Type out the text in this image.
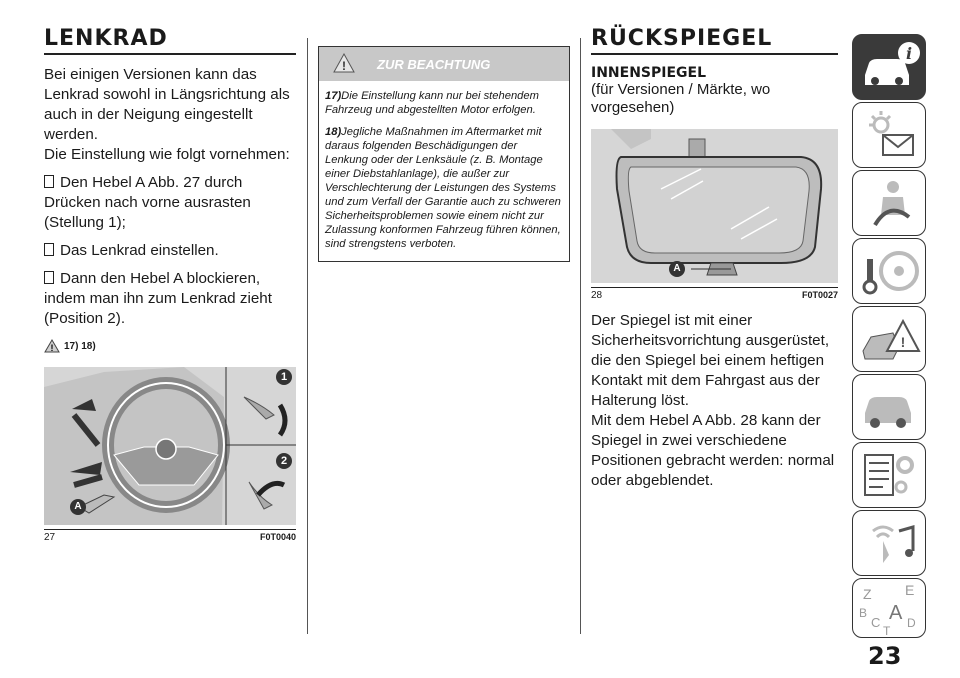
LENKRAD

Bei einigen Versionen kann das Lenkrad sowohl in Längsrichtung als auch in der Neigung eingestellt werden.

Die Einstellung wie folgt vornehmen:

Den Hebel A Abb. 27 durch Drücken nach vorne ausrasten (Stellung 1);

Das Lenkrad einstellen.

Dann den Hebel A blockieren, indem man ihn zum Lenkrad zieht (Position 2).

! 17) 18)
1
2
A
27	F0T0040
! ZUR BEACHTUNG

17)Die Einstellung kann nur bei stehendem Fahrzeug und abgestellten Motor erfolgen.

18)Jegliche Maßnahmen im Aftermarket mit daraus folgenden Beschädigungen der Lenkung oder der Lenksäule (z. B. Montage einer Diebstahlanlage), die außer zur Verschlechterung der Leistungen des Systems und zum Verfall der Garantie auch zu schweren Sicherheitsproblemen sowie einem nicht zur Zulassung konformen Fahrzeug führen können, sind strengstens verboten.

RÜCKSPIEGEL
INNENSPIEGEL

(für Versionen / Märkte, wo vorgesehen)

A
28	F0T0027

Der Spiegel ist mit einer Sicherheitsvorrichtung ausgerüstet, die den Spiegel bei einem heftigen Kontakt mit dem Fahrgast aus der Halterung löst.

Mit dem Hebel A Abb. 28 kann der Spiegel in zwei verschiedene Positionen gebracht werden: normal oder abgeblendet.

i
!
Z E
B A
C D
T
23
